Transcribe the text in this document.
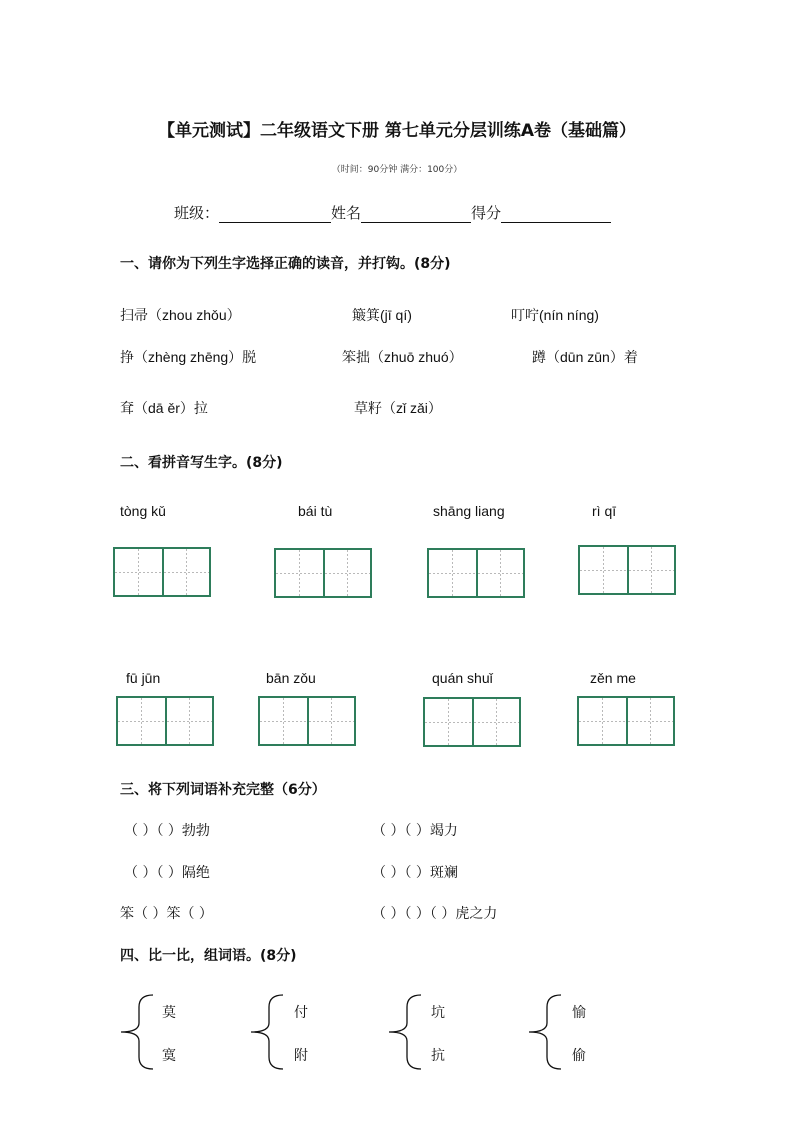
【单元测试】二年级语文下册 第七单元分层训练A卷（基础篇）
（时间：90分钟 满分：100分）
班级：	姓名	得分
一、请你为下列生字选择正确的读音，并打钩。(8分)
扫帚（zhou zhǒu）	簸箕(jī qí)	叮咛(nín níng)
挣（zhèng zhēng）脱	笨拙（zhuō zhuó）	蹲（dūn zūn）着
耷（dā ěr）拉	草籽（zǐ zǎi）
二、看拼音写生字。(8分)
tòng kǔ	bái tù	shāng liang	rì qī
fū jūn	bān zǒu	quán shuǐ	zěn me
三、将下列词语补充完整（6分）
（ ）（ ）勃勃	（ ）（ ）竭力
（ ）（ ）隔绝	（ ）（ ）斑斓
笨（ ）笨（ ）	（ ）（ ）（ ）虎之力
四、比一比，组词语。(8分)
莫
寞
付
附
坑
抗
愉
偷
